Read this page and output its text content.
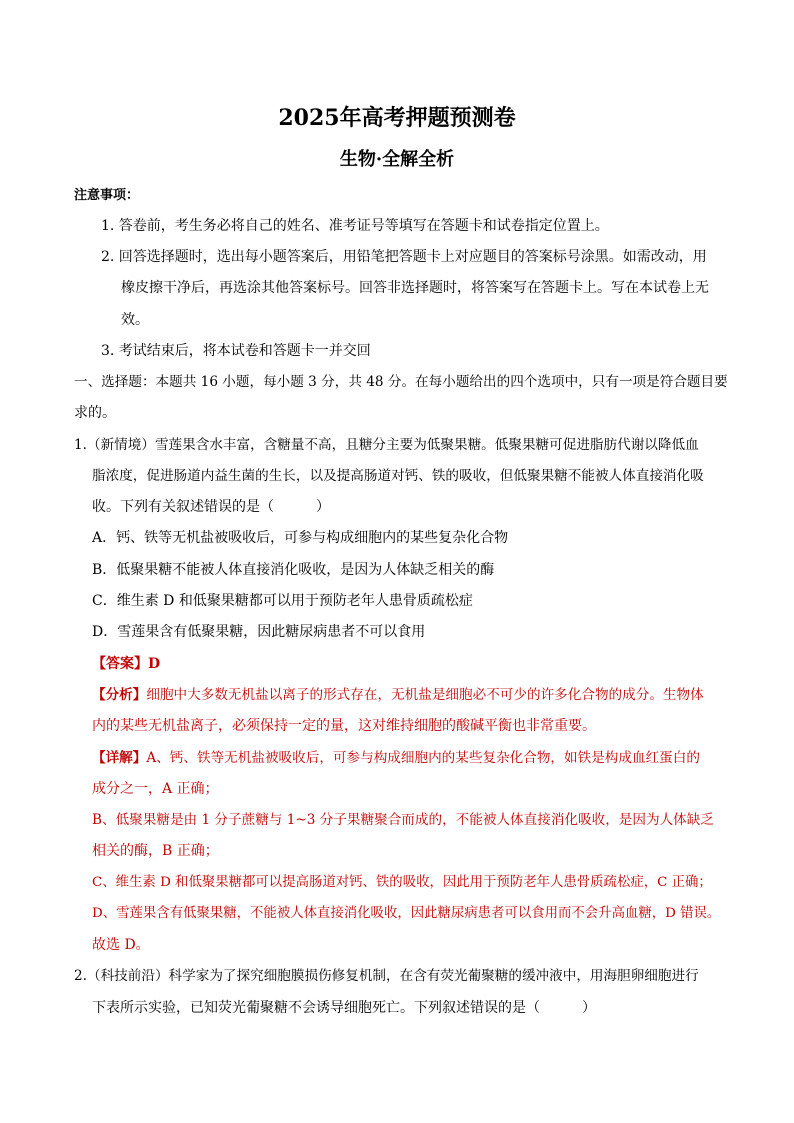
2025年高考押题预测卷
生物·全解全析
注意事项：
1. 答卷前，考生务必将自己的姓名、准考证号等填写在答题卡和试卷指定位置上。
2. 回答选择题时，选出每小题答案后，用铅笔把答题卡上对应题目的答案标号涂黑。如需改动，用
橡皮擦干净后，再选涂其他答案标号。回答非选择题时，将答案写在答题卡上。写在本试卷上无
效。
3. 考试结束后，将本试卷和答题卡一并交回
一、选择题：本题共 16 小题，每小题 3 分，共 48 分。在每小题给出的四个选项中，只有一项是符合题目要
求的。
1.（新情境）雪莲果含水丰富，含糖量不高，且糖分主要为低聚果糖。低聚果糖可促进脂肪代谢以降低血
脂浓度，促进肠道内益生菌的生长，以及提高肠道对钙、铁的吸收，但低聚果糖不能被人体直接消化吸
收。下列有关叙述错误的是（　　　）
A．钙、铁等无机盐被吸收后，可参与构成细胞内的某些复杂化合物
B．低聚果糖不能被人体直接消化吸收，是因为人体缺乏相关的酶
C．维生素 D 和低聚果糖都可以用于预防老年人患骨质疏松症
D．雪莲果含有低聚果糖，因此糖尿病患者不可以食用
【答案】D
【分析】细胞中大多数无机盐以离子的形式存在，无机盐是细胞必不可少的许多化合物的成分。生物体
内的某些无机盐离子，必须保持一定的量，这对维持细胞的酸碱平衡也非常重要。
【详解】A、钙、铁等无机盐被吸收后，可参与构成细胞内的某些复杂化合物，如铁是构成血红蛋白的
成分之一，A 正确；
B、低聚果糖是由 1 分子蔗糖与 1~3 分子果糖聚合而成的，不能被人体直接消化吸收，是因为人体缺乏
相关的酶，B 正确；
C、维生素 D 和低聚果糖都可以提高肠道对钙、铁的吸收，因此用于预防老年人患骨质疏松症，C 正确；
D、雪莲果含有低聚果糖，不能被人体直接消化吸收，因此糖尿病患者可以食用而不会升高血糖，D 错误。
故选 D。
2.（科技前沿）科学家为了探究细胞膜损伤修复机制，在含有荧光葡聚糖的缓冲液中，用海胆卵细胞进行
下表所示实验，已知荧光葡聚糖不会诱导细胞死亡。下列叙述错误的是（　　　）
